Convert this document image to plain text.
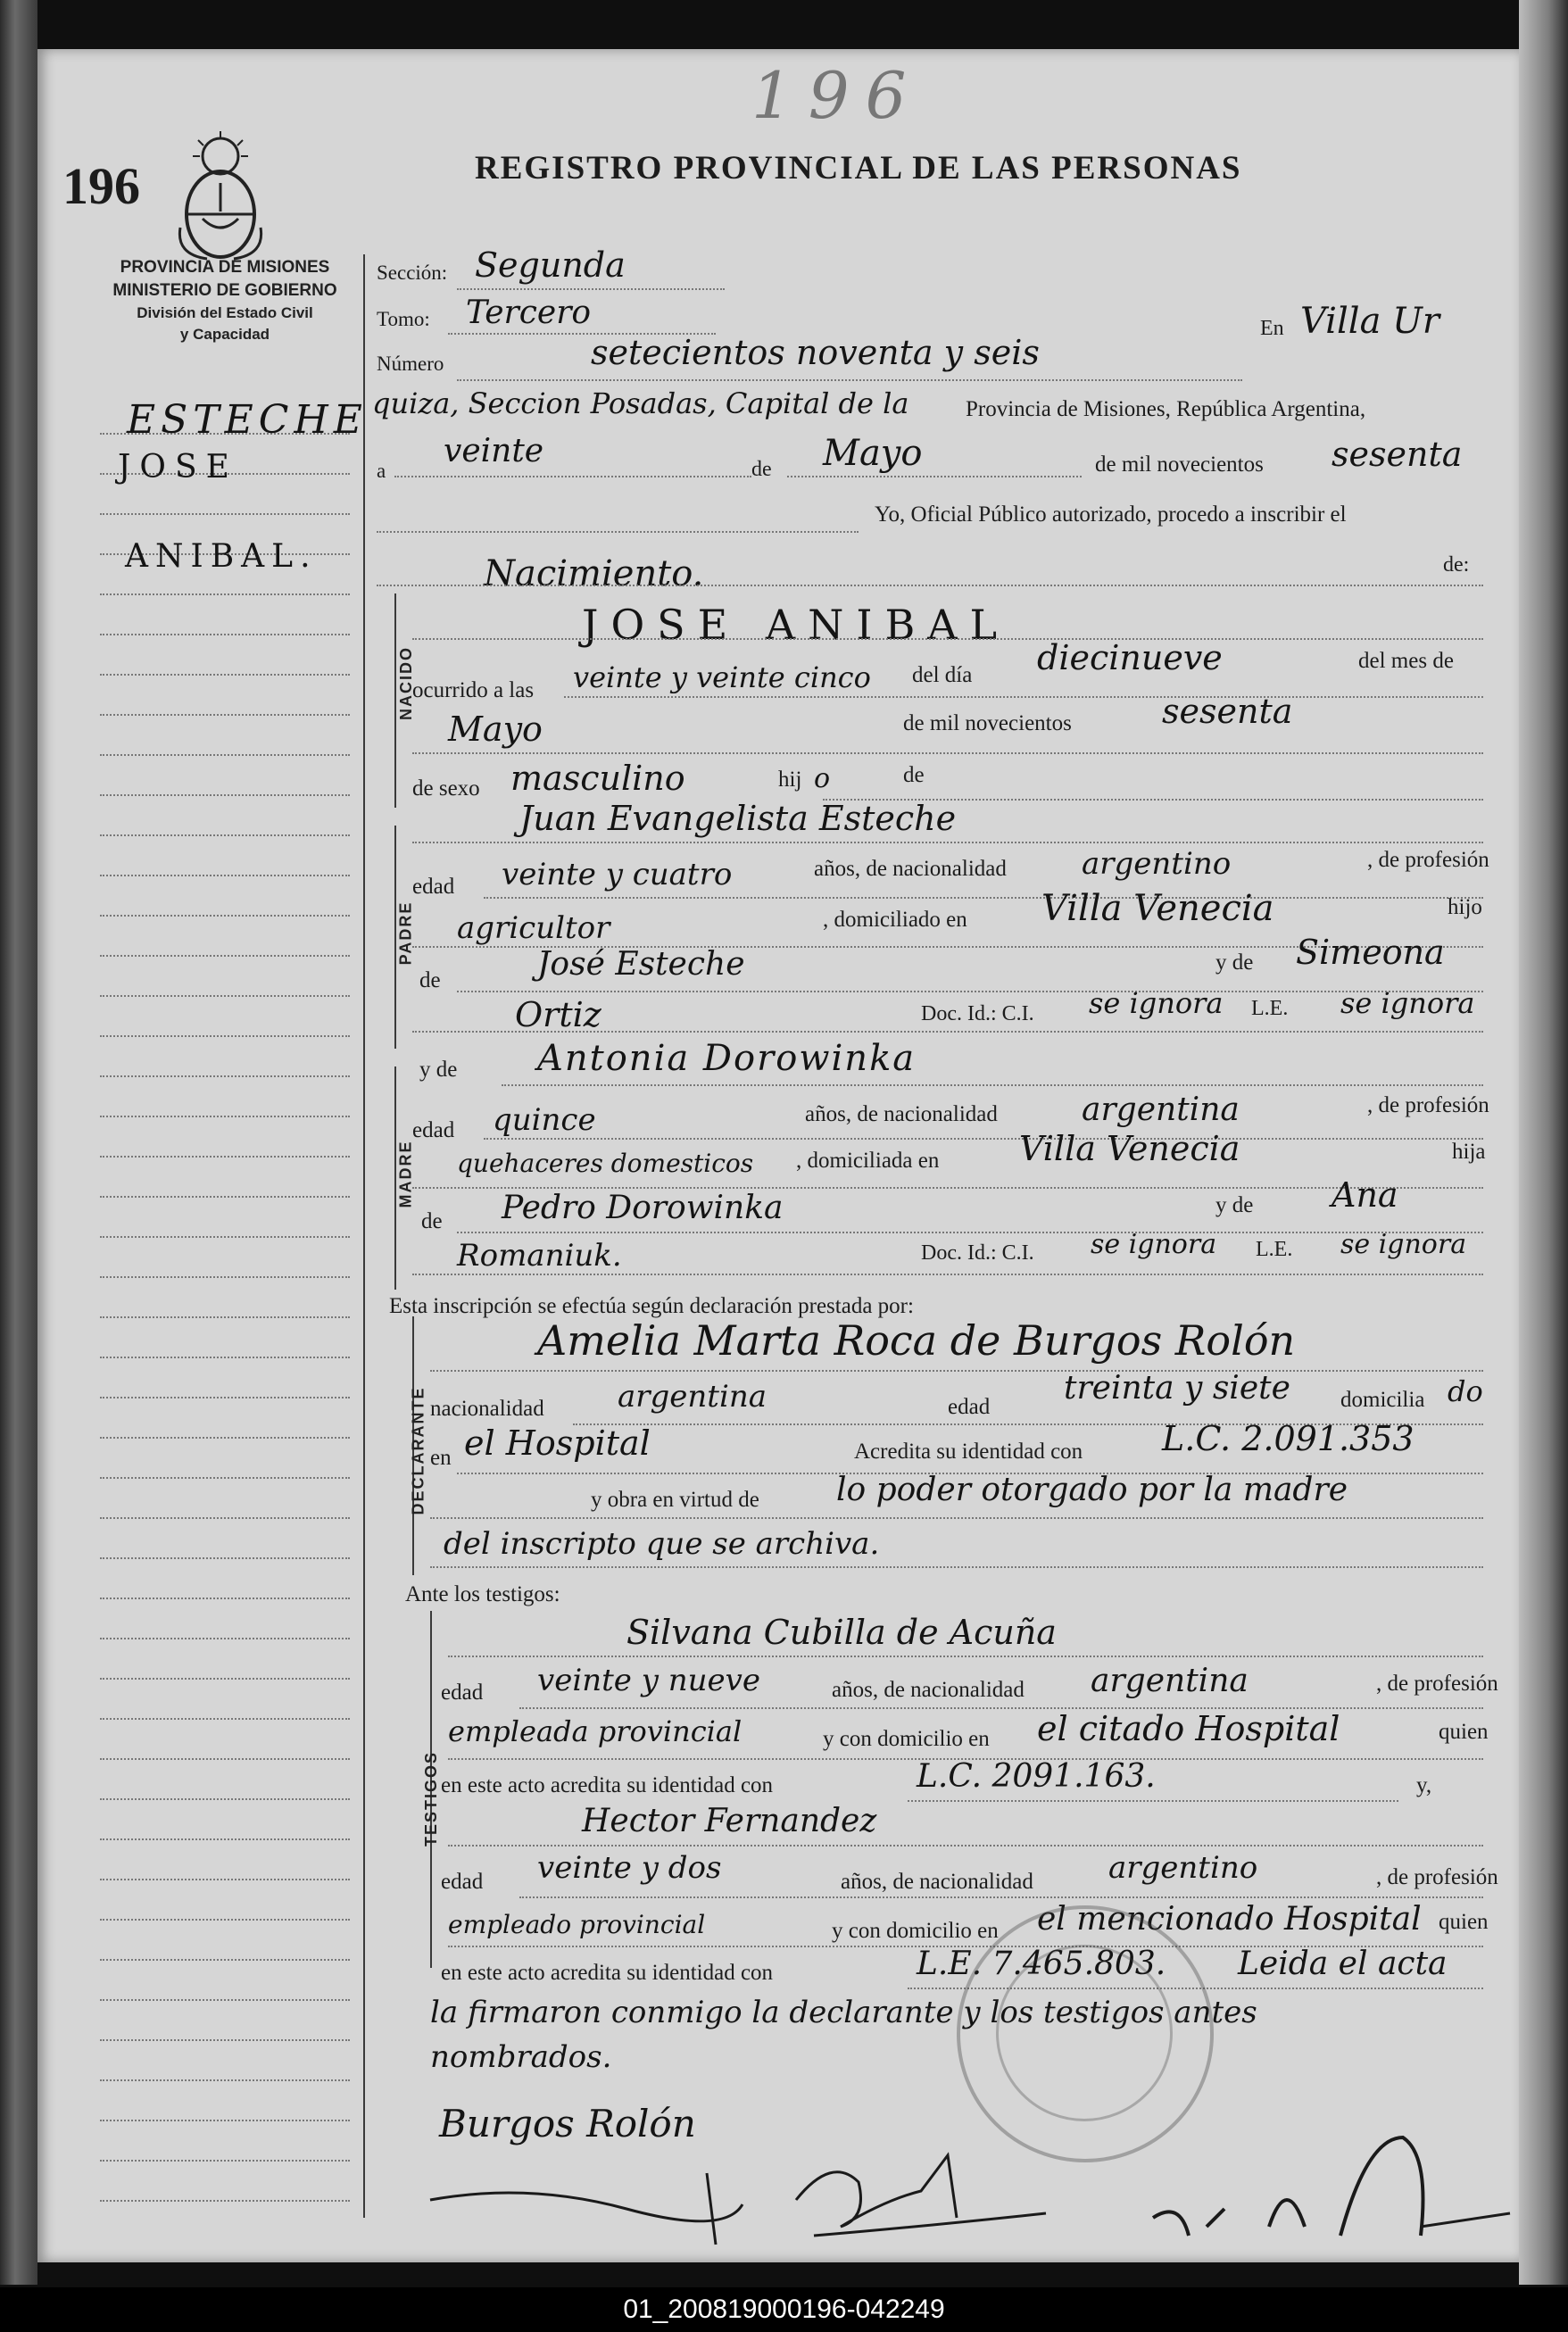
196
196
REGISTRO PROVINCIAL DE LAS PERSONAS
PROVINCIA DE MISIONES
MINISTERIO DE GOBIERNO
División del Estado Civil
y Capacidad
ESTECHE
JOSE
ANIBAL.
NACIDO
PADRE
MADRE
DECLARANTE
TESTIGOS
Sección: Segunda
Tomo: Tercero
Número	setecientos noventa y seis
En Villa Ur
quiza, Seccion Posadas, Capital de la	Provincia de Misiones, República Argentina,
a
veinte	de Mayo	de mil novecientos sesenta
Yo, Oficial Público autorizado, procedo a inscribir el
Nacimiento.	de:
JOSE ANIBAL
ocurrido a las veinte y veinte cinco del día diecinueve	del mes de
Mayo	de mil novecientos	sesenta
de sexo masculino	hij o	de
Juan Evangelista Esteche
edad veinte y cuatro	años, de nacionalidad argentino	, de profesión
agricultor	, domiciliado en Villa Venecia	hijo
de	José Esteche	y de Simeona
Ortiz	Doc. Id.: C.I. se ignora L.E. se ignora
y de Antonia Dorowinka
edad quince	años, de nacionalidad	argentina	, de profesión
quehaceres domesticos , domiciliada en Villa Venecia	hija
de Pedro Dorowinka	y de Ana
Romaniuk.	Doc. Id.: C.I. se ignora L.E. se ignora
Esta inscripción se efectúa según declaración prestada por:
Amelia Marta Roca de Burgos Rolón
nacionalidad argentina	edad
treinta y siete domicilia do
en el Hospital	Acredita su identidad con L.C. 2.091.353
y obra en virtud de lo poder otorgado por la madre
del inscripto que se archiva.
Ante los testigos:
Silvana Cubilla de Acuña
edad veinte y nueve	años, de nacionalidad argentina	, de profesión
empleada provincial	y con domicilio en el citado Hospital	quien
en este acto acredita su identidad con	L.C. 2091.163.	y,
Hector Fernandez
edad veinte y dos	años, de nacionalidad argentino	, de profesión
empleado provincial	y con domicilio en el mencionado Hospital quien
en este acto acredita su identidad con	L.E. 7.465.803. Leida el acta
la firmaron conmigo la declarante y los testigos antes
nombrados.
Burgos Rolón
01_200819000196-042249
